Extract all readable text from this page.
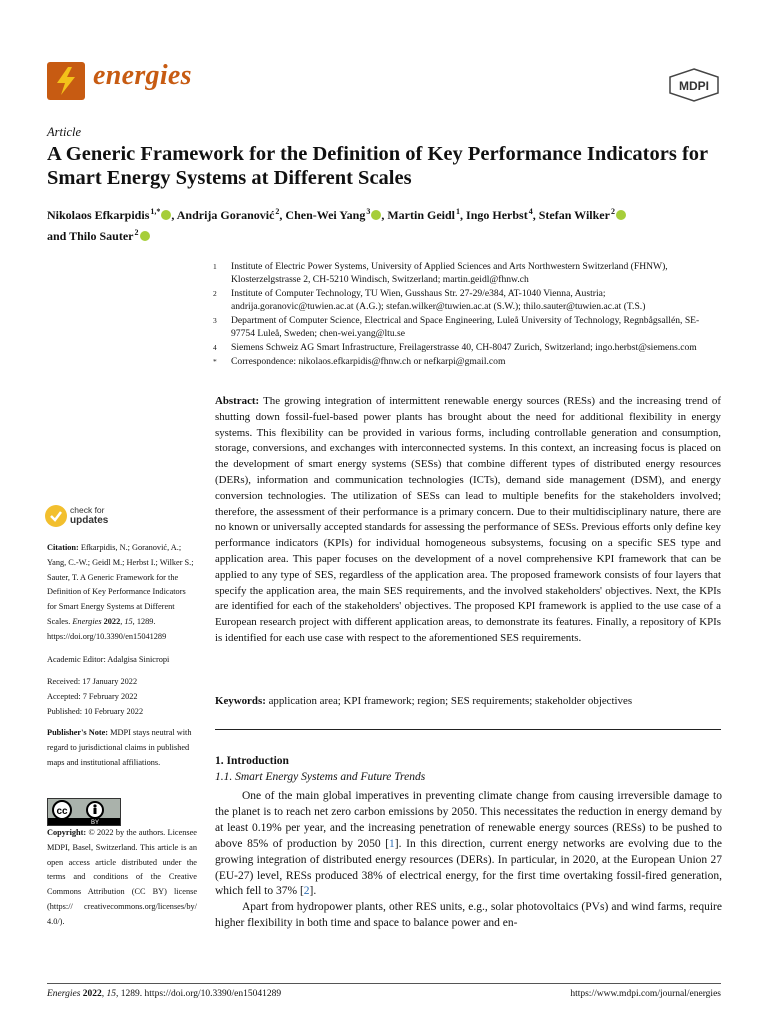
energies	MDPI
Article
A Generic Framework for the Definition of Key Performance Indicators for Smart Energy Systems at Different Scales
Nikolaos Efkarpidis $^{1,*}$ , Andrija Goranović $^2$, Chen-Wei Yang $^3$ , Martin Geidl $^1$, Ingo Herbst $^4$, Stefan Wilker $^2$
and Thilo Sauter $^2$
1	Institute of Electric Power Systems, University of Applied Sciences and Arts Northwestern Switzerland (FHNW), Klosterzelgstrasse 2, CH-5210 Windisch, Switzerland; martin.geidl@fhnw.ch
2	Institute of Computer Technology, TU Wien, Gusshaus Str. 27-29/e384, AT-1040 Vienna, Austria; andrija.goranovic@tuwien.ac.at (A.G.); stefan.wilker@tuwien.ac.at (S.W.); thilo.sauter@tuwien.ac.at (T.S.)
3	Department of Computer Science, Electrical and Space Engineering, Luleå University of Technology, Regnbågsallén, SE-97754 Luleå, Sweden; chen-wei.yang@ltu.se
4	Siemens Schweiz AG Smart Infrastructure, Freilagerstrasse 40, CH-8047 Zurich, Switzerland; ingo.herbst@siemens.com
*	Correspondence: nikolaos.efkarpidis@fhnw.ch or nefkarpi@gmail.com
Abstract: The growing integration of intermittent renewable energy sources (RESs) and the increasing trend of shutting down fossil-fuel-based power plants has brought about the need for additional flexibility in energy systems. This flexibility can be provided in various forms, including controllable generation and consumption, storage, conversions, and exchanges with interconnected systems. In this context, an increasing focus is placed on the development of smart energy systems (SESs) that combine different types of distributed energy resources (DERs), information and communication technologies (ICTs), demand side management (DSM), and energy conversion technologies. The utilization of SESs can lead to multiple benefits for the stakeholders involved; therefore, the assessment of their performance is a primary concern. Due to their multidisciplinary nature, there are no known or universally accepted standards for assessing the performance of SESs. Previous efforts only define key performance indicators (KPIs) for individual homogeneous subsystems, focusing on a specific SES type and application area. This paper focuses on the development of a novel comprehensive KPI framework that can be applied to any type of SES, regardless of the application area. The proposed framework consists of four layers that specify the application area, the main SES requirements, and the involved stakeholders' objectives. Next, the KPIs are identified for each of the stakeholders' objectives. The proposed KPI framework is applied to the use case of a European research project with different application areas, to demonstrate its features. Finally, a repository of KPIs is identified for each use case with respect to the aforementioned SES requirements.
Keywords: application area; KPI framework; region; SES requirements; stakeholder objectives
1. Introduction
1.1. Smart Energy Systems and Future Trends

One of the main global imperatives in preventing climate change from causing irreversible damage to the planet is to reach net zero carbon emissions by 2050. This necessitates the reduction in energy demand by at least 0.19% per year, and the increasing penetration of renewable energy sources (RESs) to be pushed to above 85% of production by 2050 [1]. In this direction, current energy networks are evolving due to the growing integration of distributed energy resources (DERs). In particular, in 2020, at the European Union 27 (EU-27) level, RESs produced 38% of electrical energy, for the first time overtaking fossil-fired generation, which fell to 37% [2].

Apart from hydropower plants, other RES units, e.g., solar photovoltaics (PVs) and wind farms, require higher flexibility in both time and space to balance power and en-

check for
updates
Citation: Efkarpidis, N.; Goranović, A.; Yang, C.-W.; Geidl M.; Herbst I.; Wilker S.; Sauter, T. A Generic Framework for the Definition of Key Performance Indicators for Smart Energy Systems at Different Scales. Energies 2022, 15, 1289. https://doi.org/10.3390/en15041289
Academic Editor: Adalgisa Sinicropi
Received: 17 January 2022
Accepted: 7 February 2022
Published: 10 February 2022
Publisher's Note: MDPI stays neutral with regard to jurisdictional claims in published maps and institutional affiliations.
cc
BY
Copyright: © 2022 by the authors. Licensee MDPI, Basel, Switzerland. This article is an open access article distributed under the terms and conditions of the Creative Commons Attribution (CC BY) license (https:// creativecommons.org/licenses/by/ 4.0/).
Energies 2022, 15, 1289. https://doi.org/10.3390/en15041289	https://www.mdpi.com/journal/energies
